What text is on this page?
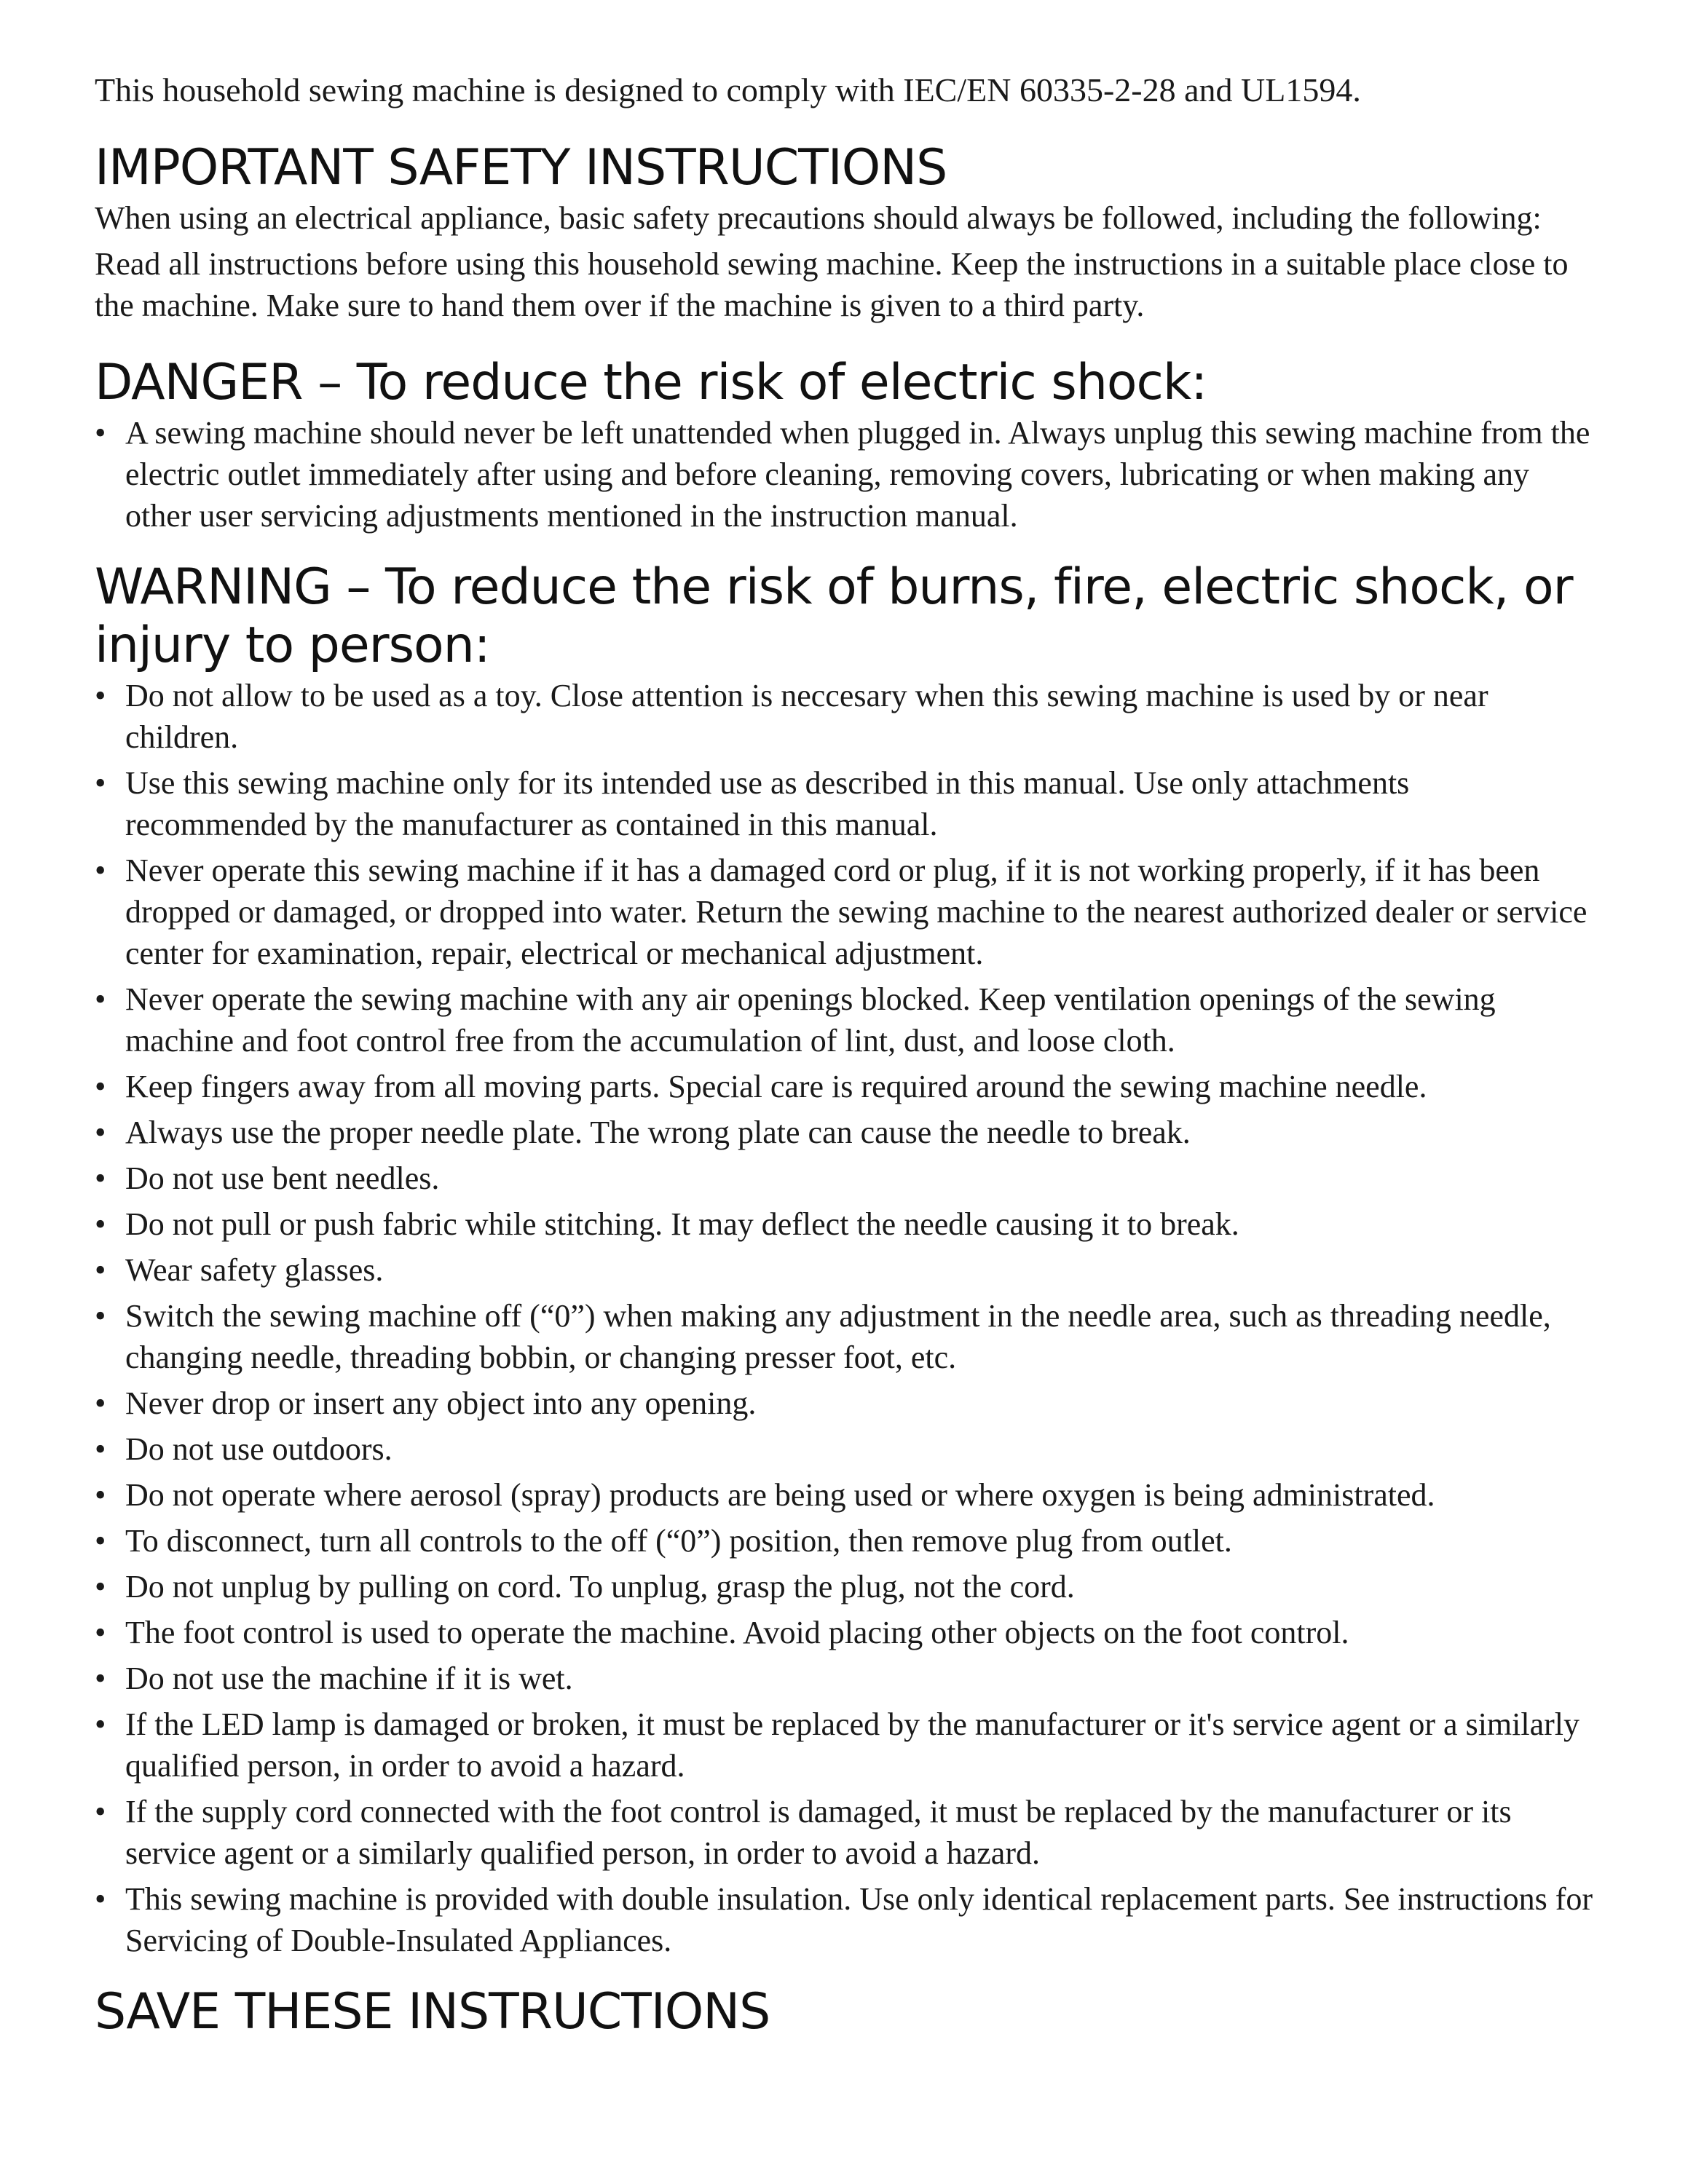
This household sewing machine is designed to comply with IEC/EN 60335-2-28 and UL1594.

IMPORTANT SAFETY INSTRUCTIONS

When using an electrical appliance, basic safety precautions should always be followed, including the following:

Read all instructions before using this household sewing machine. Keep the instructions in a suitable place close to the machine. Make sure to hand them over if the machine is given to a third party.

DANGER – To reduce the risk of electric shock:
• A sewing machine should never be left unattended when plugged in. Always unplug this sewing machine from the electric outlet immediately after using and before cleaning, removing covers, lubricating or when making any other user servicing adjustments mentioned in the instruction manual.
WARNING – To reduce the risk of burns, fire, electric shock, or injury to person:
• Do not allow to be used as a toy. Close attention is neccesary when this sewing machine is used by or near children.
• Use this sewing machine only for its intended use as described in this manual. Use only attachments recommended by the manufacturer as contained in this manual.
• Never operate this sewing machine if it has a damaged cord or plug, if it is not working properly, if it has been dropped or damaged, or dropped into water. Return the sewing machine to the nearest authorized dealer or service center for examination, repair, electrical or mechanical adjustment.
• Never operate the sewing machine with any air openings blocked. Keep ventilation openings of the sewing machine and foot control free from the accumulation of lint, dust, and loose cloth.
• Keep fingers away from all moving parts. Special care is required around the sewing machine needle.
• Always use the proper needle plate. The wrong plate can cause the needle to break.
• Do not use bent needles.
• Do not pull or push fabric while stitching. It may deflect the needle causing it to break.
• Wear safety glasses.
• Switch the sewing machine off (“0”) when making any adjustment in the needle area, such as threading needle, changing needle, threading bobbin, or changing presser foot, etc.
• Never drop or insert any object into any opening.
• Do not use outdoors.
• Do not operate where aerosol (spray) products are being used or where oxygen is being administrated.
• To disconnect, turn all controls to the off (“0”) position, then remove plug from outlet.
• Do not unplug by pulling on cord. To unplug, grasp the plug, not the cord.
• The foot control is used to operate the machine. Avoid placing other objects on the foot control.
• Do not use the machine if it is wet.
• If the LED lamp is damaged or broken, it must be replaced by the manufacturer or it's service agent or a similarly qualified person, in order to avoid a hazard.
• If the supply cord connected with the foot control is damaged, it must be replaced by the manufacturer or its service agent or a similarly qualified person, in order to avoid a hazard.
• This sewing machine is provided with double insulation. Use only identical replacement parts. See instructions for Servicing of Double-Insulated Appliances.
SAVE THESE INSTRUCTIONS
